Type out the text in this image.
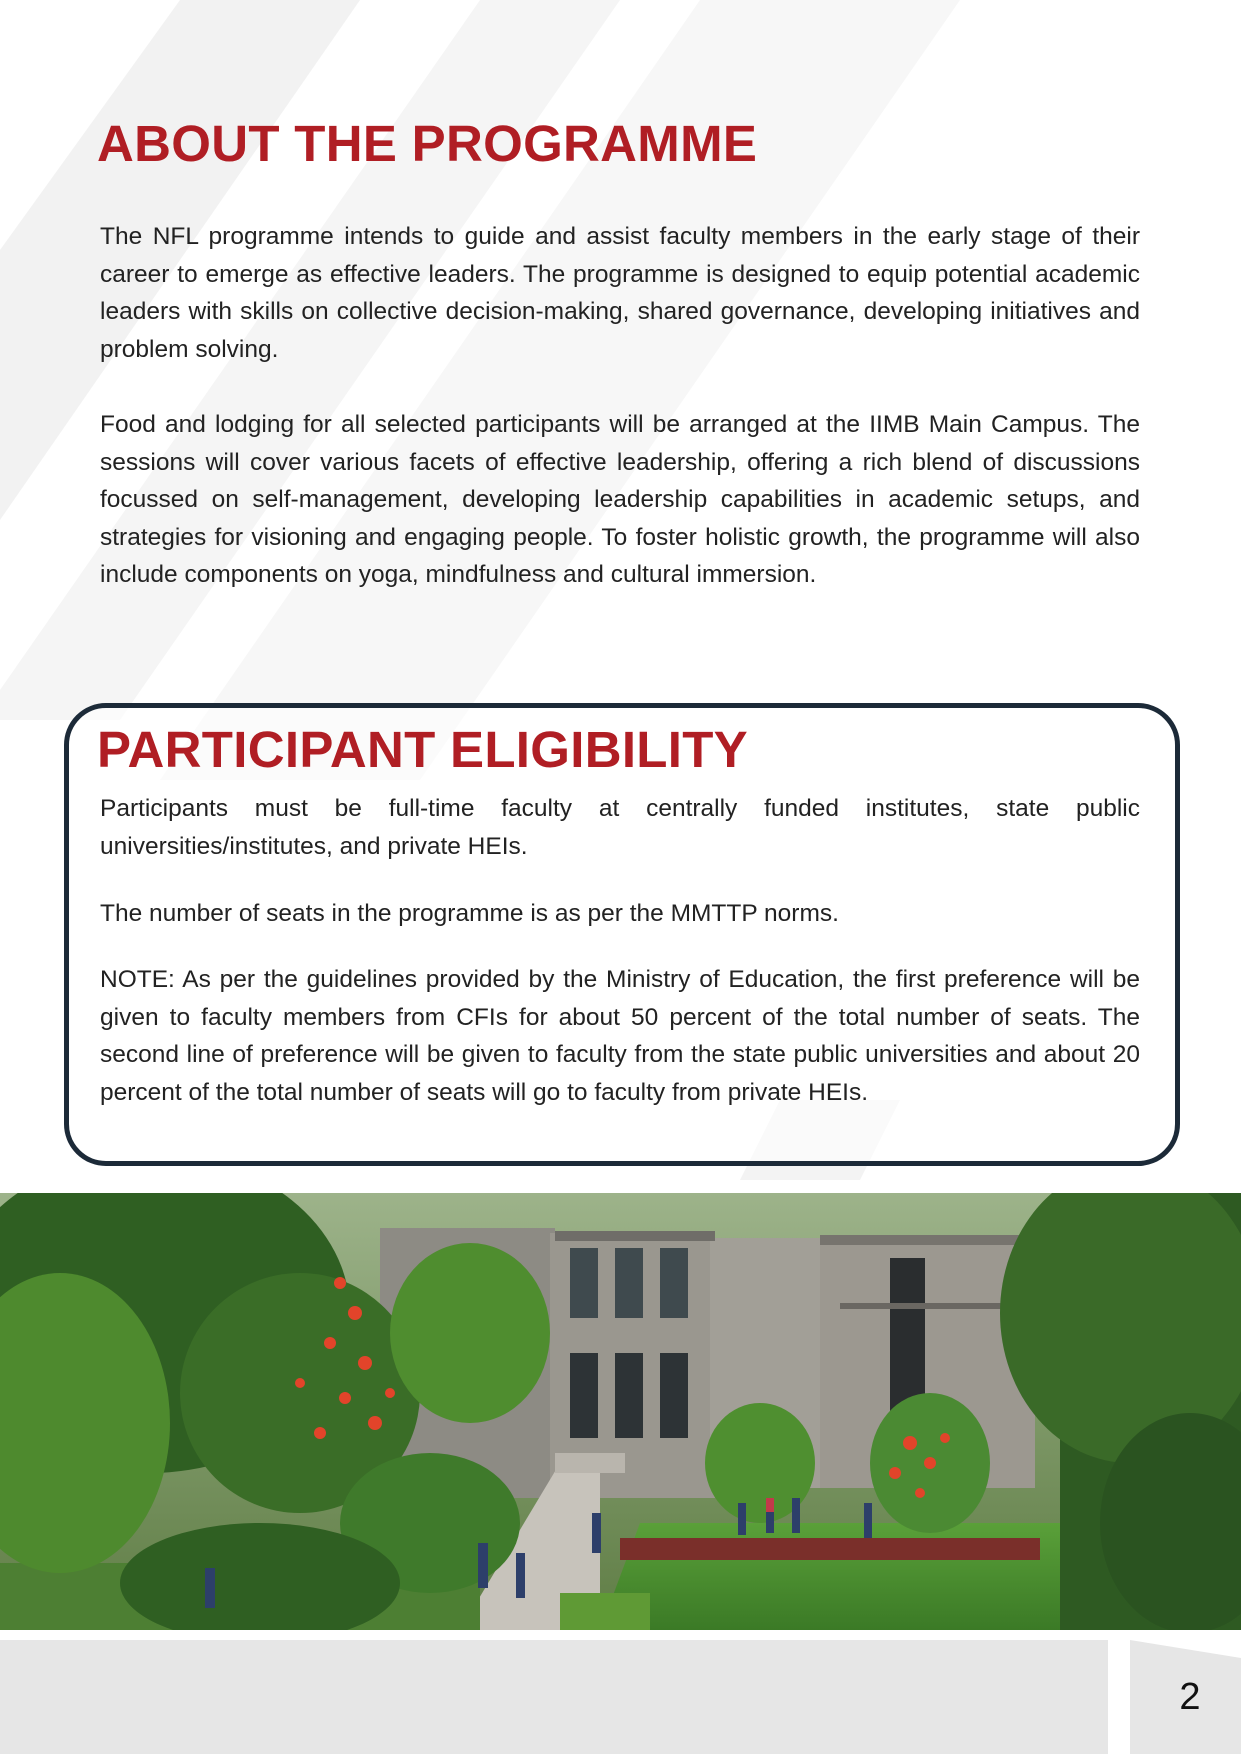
ABOUT THE PROGRAMME

The NFL programme intends to guide and assist faculty members in the early stage of their career to emerge as effective leaders. The programme is designed to equip potential academic leaders with skills on collective decision-making, shared governance, developing initiatives and problem solving.

Food and lodging for all selected participants will be arranged at the IIMB Main Campus. The sessions will cover various facets of effective leadership, offering a rich blend of discussions focussed on self-management, developing leadership capabilities in academic setups, and strategies for visioning and engaging people. To foster holistic growth, the programme will also include components on yoga, mindfulness and cultural immersion.

PARTICIPANT ELIGIBILITY

Participants must be full-time faculty at centrally funded institutes, state public universities/institutes, and private HEIs.

The number of seats in the programme is as per the MMTTP norms.

NOTE: As per the guidelines provided by the Ministry of Education, the first preference will be given to faculty members from CFIs for about 50 percent of the total number of seats. The second line of preference will be given to faculty from the state public universities and about 20 percent of the total number of seats will go to faculty from private HEIs.

2
